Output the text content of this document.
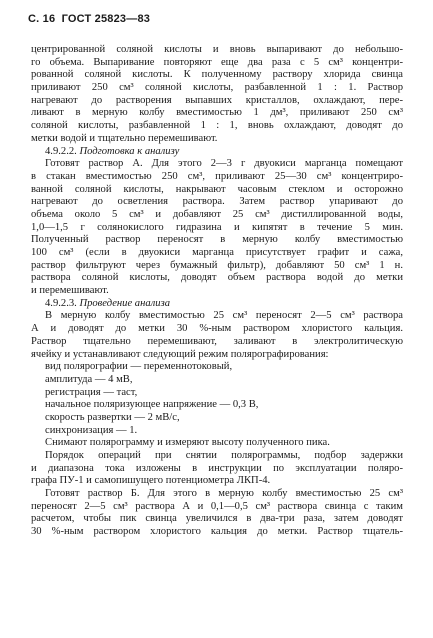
С. 16 ГОСТ 25823—83
центрированной соляной кислоты и вновь выпаривают до небольшо-
го объема. Выпаривание повторяют еще два раза с 5 см³ концентри-
рованной соляной кислоты. К полученному раствору хлорида свинца
приливают 250 см³ соляной кислоты, разбавленной 1 : 1. Раствор
нагревают до растворения выпавших кристаллов, охлаждают, пере-
ливают в мерную колбу вместимостью 1 дм³, приливают 250 см³
соляной кислоты, разбавленной 1 : 1, вновь охлаждают, доводят до
метки водой и тщательно перемешивают.
4.9.2.2. Подготовка к анализу
Готовят раствор А. Для этого 2—3 г двуокиси марганца помещают
в стакан вместимостью 250 см³, приливают 25—30 см³ концентриро-
ванной соляной кислоты, накрывают часовым стеклом и осторожно
нагревают до осветления раствора. Затем раствор упаривают до
объема около 5 см³ и добавляют 25 см³ дистиллированной воды,
1,0—1,5 г солянокислого гидразина и кипятят в течение 5 мин.
Полученный раствор переносят в мерную колбу вместимостью
100 см³ (если в двуокиси марганца присутствует графит и сажа,
раствор фильтруют через бумажный фильтр), добавляют 50 см³ 1 н.
раствора соляной кислоты, доводят объем раствора водой до метки
и перемешивают.
4.9.2.3. Проведение анализа
В мерную колбу вместимостью 25 см³ переносят 2—5 см³ раствора
А и доводят до метки 30 %-ным раствором хлористого кальция.
Раствор тщательно перемешивают, заливают в электролитическую
ячейку и устанавливают следующий режим полярографирования:
вид полярографии — переменнотоковый,
амплитуда — 4 мВ,
регистрация — таст,
начальное поляризующее напряжение — 0,3 В,
скорость развертки — 2 мВ/с,
синхронизация — 1.
Снимают полярограмму и измеряют высоту полученного пика.
Порядок операций при снятии полярограммы, подбор задержки
и диапазона тока изложены в инструкции по эксплуатации поляро-
графа ПУ-1 и самопишущего потенциометра ЛКП-4.
Готовят раствор Б. Для этого в мерную колбу вместимостью 25 см³
переносят 2—5 см³ раствора А и 0,1—0,5 см³ раствора свинца с таким
расчетом, чтобы пик свинца увеличился в два-три раза, затем доводят
30 %-ным раствором хлористого кальция до метки. Раствор тщатель-
